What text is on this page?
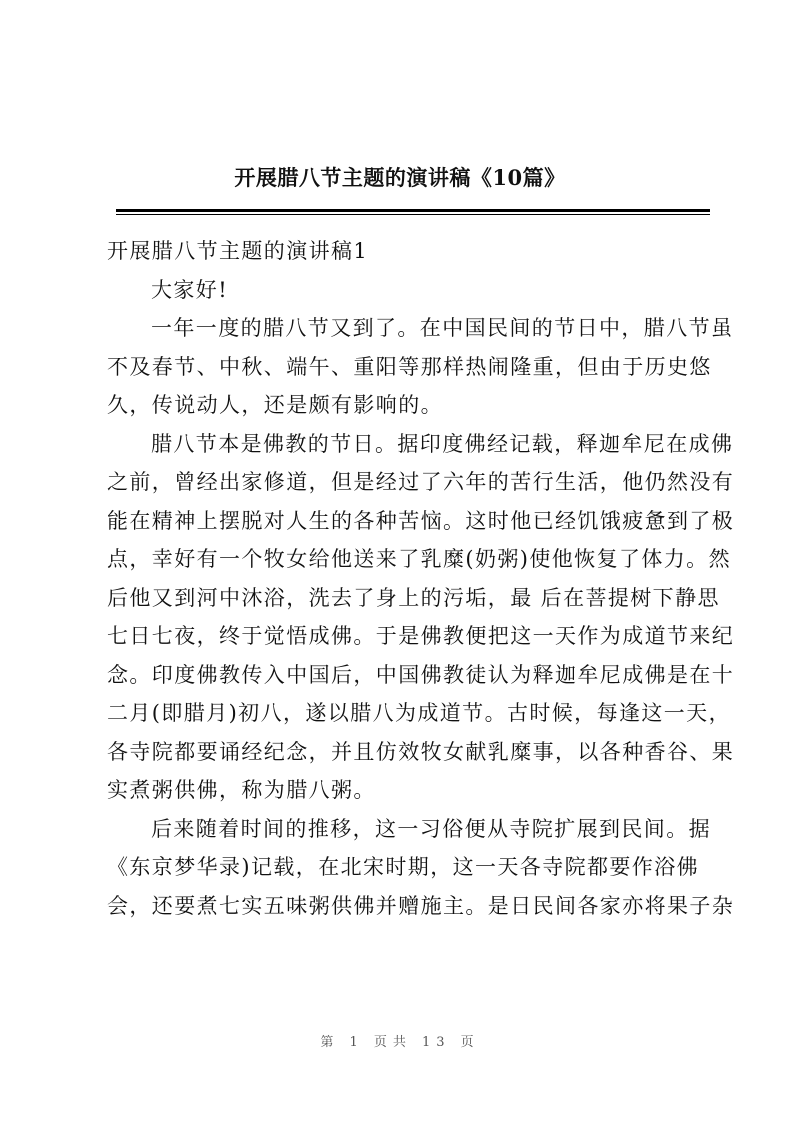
开展腊八节主题的演讲稿《10篇》

开展腊八节主题的演讲稿1

大家好!

一年一度的腊八节又到了。在中国民间的节日中，腊八节虽

不及春节、中秋、端午、重阳等那样热闹隆重，但由于历史悠

久，传说动人，还是颇有影响的。

腊八节本是佛教的节日。据印度佛经记载，释迦牟尼在成佛

之前，曾经出家修道，但是经过了六年的苦行生活，他仍然没有

能在精神上摆脱对人生的各种苦恼。这时他已经饥饿疲惫到了极

点，幸好有一个牧女给他送来了乳糜(奶粥)使他恢复了体力。然

后他又到河中沐浴，洗去了身上的污垢，最 后在菩提树下静思

七日七夜，终于觉悟成佛。于是佛教便把这一天作为成道节来纪

念。印度佛教传入中国后，中国佛教徒认为释迦牟尼成佛是在十

二月(即腊月)初八，遂以腊八为成道节。古时候，每逢这一天，

各寺院都要诵经纪念，并且仿效牧女献乳糜事，以各种香谷、果

实煮粥供佛，称为腊八粥。

后来随着时间的推移，这一习俗便从寺院扩展到民间。据

《东京梦华录)记载，在北宋时期，这一天各寺院都要作浴佛

会，还要煮七实五味粥供佛并赠施主。是日民间各家亦将果子杂

第 1 页共 13 页
